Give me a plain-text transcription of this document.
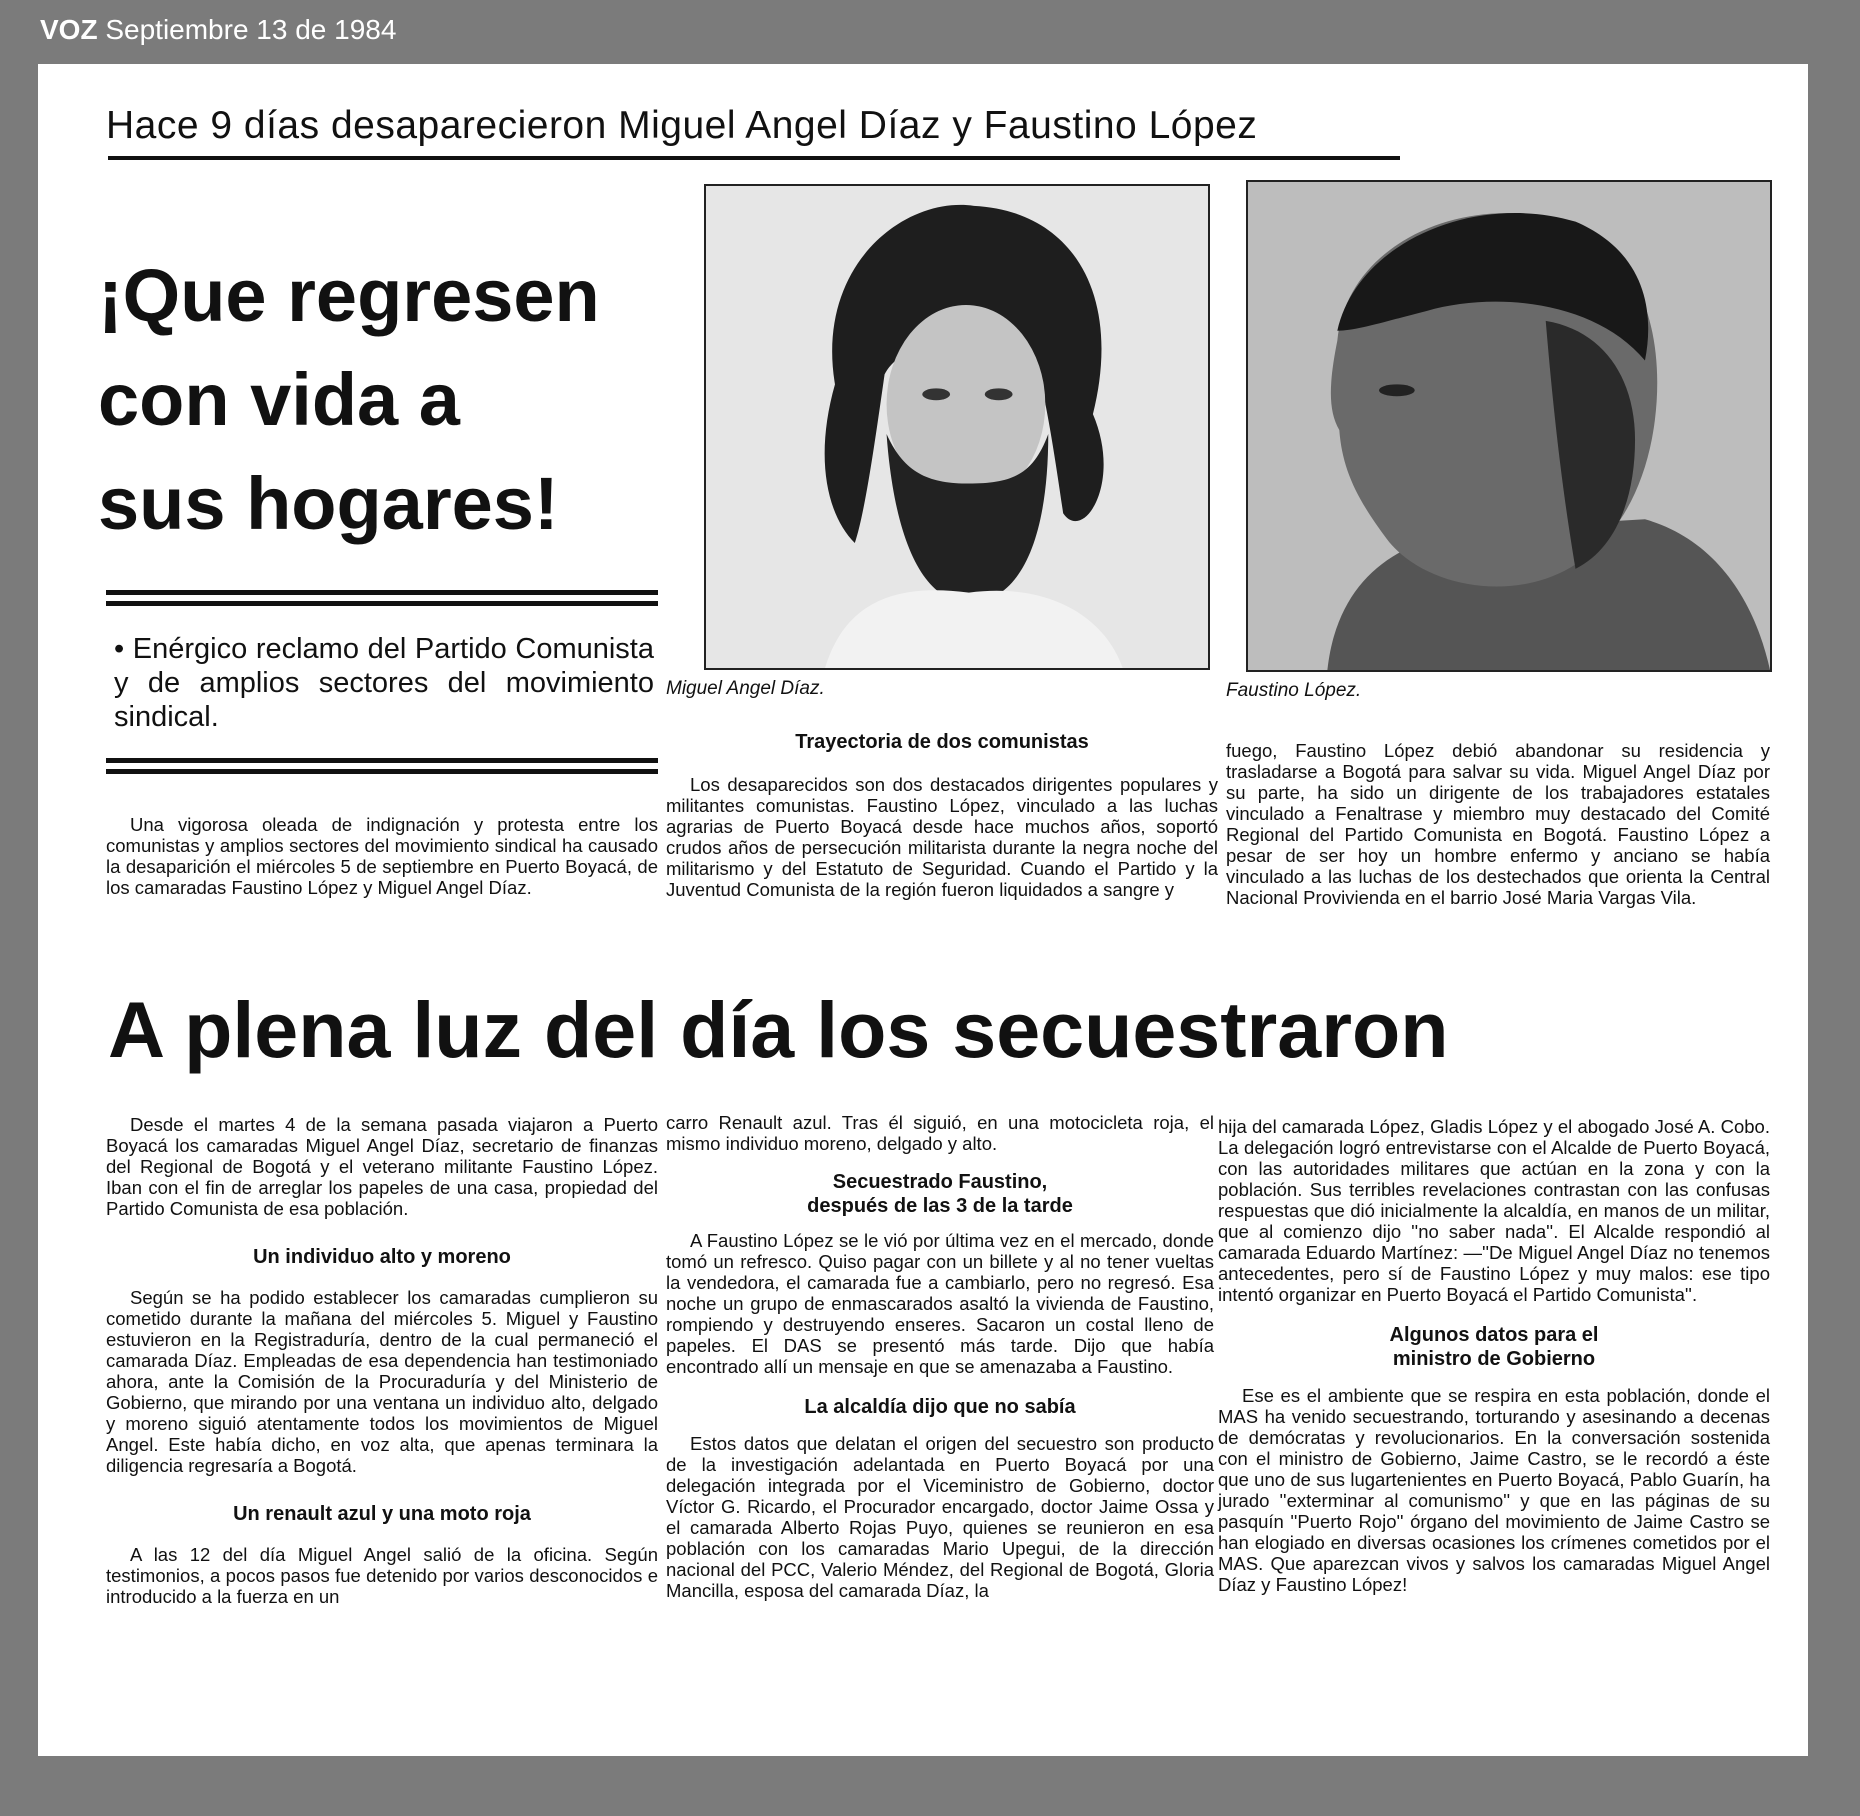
VOZ Septiembre 13 de 1984
Hace 9 días desaparecieron Miguel Angel Díaz y Faustino López
¡Que regresen
con vida a
sus hogares!
• Enérgico reclamo del Partido Comunista y de amplios sectores del movimiento sindical.

Una vigorosa oleada de indignación y protesta entre los comunistas y amplios sectores del movimiento sindical ha causado la desaparición el miércoles 5 de septiembre en Puerto Boyacá, de los camaradas Faustino López y Miguel Angel Díaz.

Miguel Angel Díaz.	Faustino López.
Trayectoria de dos comunistas

Los desaparecidos son dos destacados dirigentes populares y militantes comunistas. Faustino López, vinculado a las luchas agrarias de Puerto Boyacá desde hace muchos años, soportó crudos años de persecución militarista durante la negra noche del militarismo y del Estatuto de Seguridad. Cuando el Partido y la Juventud Comunista de la región fueron liquidados a sangre y

fuego, Faustino López debió abandonar su residencia y trasladarse a Bogotá para salvar su vida. Miguel Angel Díaz por su parte, ha sido un dirigente de los trabajadores estatales vinculado a Fenaltrase y miembro muy destacado del Comité Regional del Partido Comunista en Bogotá. Faustino López a pesar de ser hoy un hombre enfermo y anciano se había vinculado a las luchas de los destechados que orienta la Central Nacional Provivienda en el barrio José Maria Vargas Vila.

A plena luz del día los secuestraron

Desde el martes 4 de la semana pasada viajaron a Puerto Boyacá los camaradas Miguel Angel Díaz, secretario de finanzas del Regional de Bogotá y el veterano militante Faustino López. Iban con el fin de arreglar los papeles de una casa, propiedad del Partido Comunista de esa población.

Un individuo alto y moreno

Según se ha podido establecer los camaradas cumplieron su cometido durante la mañana del miércoles 5. Miguel y Faustino estuvieron en la Registraduría, dentro de la cual permaneció el camarada Díaz. Empleadas de esa dependencia han testimoniado ahora, ante la Comisión de la Procuraduría y del Ministerio de Gobierno, que mirando por una ventana un individuo alto, delgado y moreno siguió atentamente todos los movimientos de Miguel Angel. Este había dicho, en voz alta, que apenas terminara la diligencia regresaría a Bogotá.

Un renault azul y una moto roja

A las 12 del día Miguel Angel salió de la oficina. Según testimonios, a pocos pasos fue detenido por varios desconocidos e introducido a la fuerza en un

carro Renault azul. Tras él siguió, en una motocicleta roja, el mismo individuo moreno, delgado y alto.

Secuestrado Faustino,
después de las 3 de la tarde

A Faustino López se le vió por última vez en el mercado, donde tomó un refresco. Quiso pagar con un billete y al no tener vueltas la vendedora, el camarada fue a cambiarlo, pero no regresó. Esa noche un grupo de enmascarados asaltó la vivienda de Faustino, rompiendo y destruyendo enseres. Sacaron un costal lleno de papeles. El DAS se presentó más tarde. Dijo que había encontrado allí un mensaje en que se amenazaba a Faustino.

La alcaldía dijo que no sabía

Estos datos que delatan el origen del secuestro son producto de la investigación adelantada en Puerto Boyacá por una delegación integrada por el Viceministro de Gobierno, doctor Víctor G. Ricardo, el Procurador encargado, doctor Jaime Ossa y el camarada Alberto Rojas Puyo, quienes se reunieron en esa población con los camaradas Mario Upegui, de la dirección nacional del PCC, Valerio Méndez, del Regional de Bogotá, Gloria Mancilla, esposa del camarada Díaz, la

hija del camarada López, Gladis López y el abogado José A. Cobo. La delegación logró entrevistarse con el Alcalde de Puerto Boyacá, con las autoridades militares que actúan en la zona y con la población. Sus terribles revelaciones contrastan con las confusas respuestas que dió inicialmente la alcaldía, en manos de un militar, que al comienzo dijo ''no saber nada''. El Alcalde respondió al camarada Eduardo Martínez: —''De Miguel Angel Díaz no tenemos antecedentes, pero sí de Faustino López y muy malos: ese tipo intentó organizar en Puerto Boyacá el Partido Comunista''.

Algunos datos para el
ministro de Gobierno

Ese es el ambiente que se respira en esta población, donde el MAS ha venido secuestrando, torturando y asesinando a decenas de demócratas y revolucionarios. En la conversación sostenida con el ministro de Gobierno, Jaime Castro, se le recordó a éste que uno de sus lugartenientes en Puerto Boyacá, Pablo Guarín, ha jurado ''exterminar al comunismo'' y que en las páginas de su pasquín ''Puerto Rojo'' órgano del movimiento de Jaime Castro se han elogiado en diversas ocasiones los crímenes cometidos por el MAS. Que aparezcan vivos y salvos los camaradas Miguel Angel Díaz y Faustino López!
